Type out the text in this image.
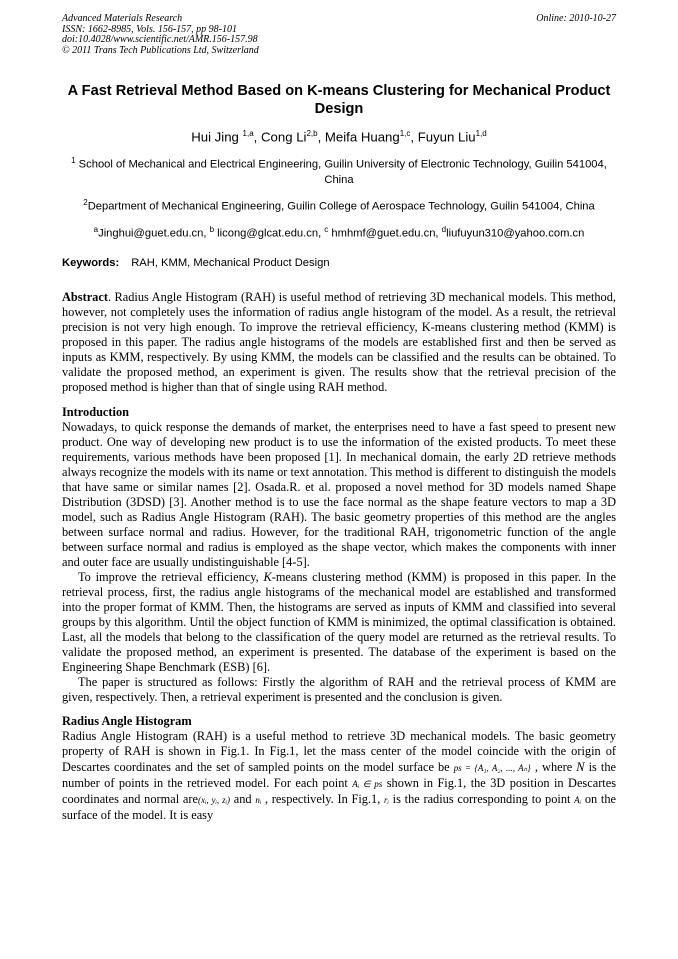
Advanced Materials Research
ISSN: 1662-8985, Vols. 156-157, pp 98-101
doi:10.4028/www.scientific.net/AMR.156-157.98
© 2011 Trans Tech Publications Ltd, Switzerland
Online: 2010-10-27
A Fast Retrieval Method Based on K-means Clustering for Mechanical Product Design
Hui Jing $^{1,a}$, Cong Li$^{2,b}$, Meifa Huang$^{1,c}$, Fuyun Liu$^{1,d}$
$^1$ School of Mechanical and Electrical Engineering, Guilin University of Electronic Technology, Guilin 541004, China
$^2$Department of Mechanical Engineering, Guilin College of Aerospace Technology, Guilin 541004, China
$^a$Jinghui@guet.edu.cn, $^b$ licong@glcat.edu.cn, $^c$ hmhmf@guet.edu.cn, $^d$liufuyun310@yahoo.com.cn
Keywords: RAH, KMM, Mechanical Product Design
Abstract. Radius Angle Histogram (RAH) is useful method of retrieving 3D mechanical models. This method, however, not completely uses the information of radius angle histogram of the model. As a result, the retrieval precision is not very high enough. To improve the retrieval efficiency, K-means clustering method (KMM) is proposed in this paper. The radius angle histograms of the models are established first and then be served as inputs as KMM, respectively. By using KMM, the models can be classified and the results can be obtained. To validate the proposed method, an experiment is given. The results show that the retrieval precision of the proposed method is higher than that of single using RAH method.
Introduction

Nowadays, to quick response the demands of market, the enterprises need to have a fast speed to present new product. One way of developing new product is to use the information of the existed products. To meet these requirements, various methods have been proposed [1]. In mechanical domain, the early 2D retrieve methods always recognize the models with its name or text annotation. This method is different to distinguish the models that have same or similar names [2]. Osada.R. et al. proposed a novel method for 3D models named Shape Distribution (3DSD) [3]. Another method is to use the face normal as the shape feature vectors to map a 3D model, such as Radius Angle Histogram (RAH). The basic geometry properties of this method are the angles between surface normal and radius. However, for the traditional RAH, trigonometric function of the angle between surface normal and radius is employed as the shape vector, which makes the components with inner and outer face are usually undistinguishable [4-5].

To improve the retrieval efficiency, K-means clustering method (KMM) is proposed in this paper. In the retrieval process, first, the radius angle histograms of the mechanical model are established and transformed into the proper format of KMM. Then, the histograms are served as inputs of KMM and classified into several groups by this algorithm. Until the object function of KMM is minimized, the optimal classification is obtained. Last, all the models that belong to the classification of the query model are returned as the retrieval results. To validate the proposed method, an experiment is presented. The database of the experiment is based on the Engineering Shape Benchmark (ESB) [6].

The paper is structured as follows: Firstly the algorithm of RAH and the retrieval process of KMM are given, respectively. Then, a retrieval experiment is presented and the conclusion is given.

Radius Angle Histogram

Radius Angle Histogram (RAH) is a useful method to retrieve 3D mechanical models. The basic geometry property of RAH is shown in Fig.1. In Fig.1, let the mass center of the model coincide with the origin of Descartes coordinates and the set of sampled points on the model surface be ps = {A₁, A₂, ..., Aₙ} , where N is the number of points in the retrieved model. For each point Aᵢ ∈ ps shown in Fig.1, the 3D position in Descartes coordinates and normal are(xᵢ, yᵢ, zᵢ) and nᵢ , respectively. In Fig.1, rᵢ is the radius corresponding to point Aᵢ on the surface of the model. It is easy
